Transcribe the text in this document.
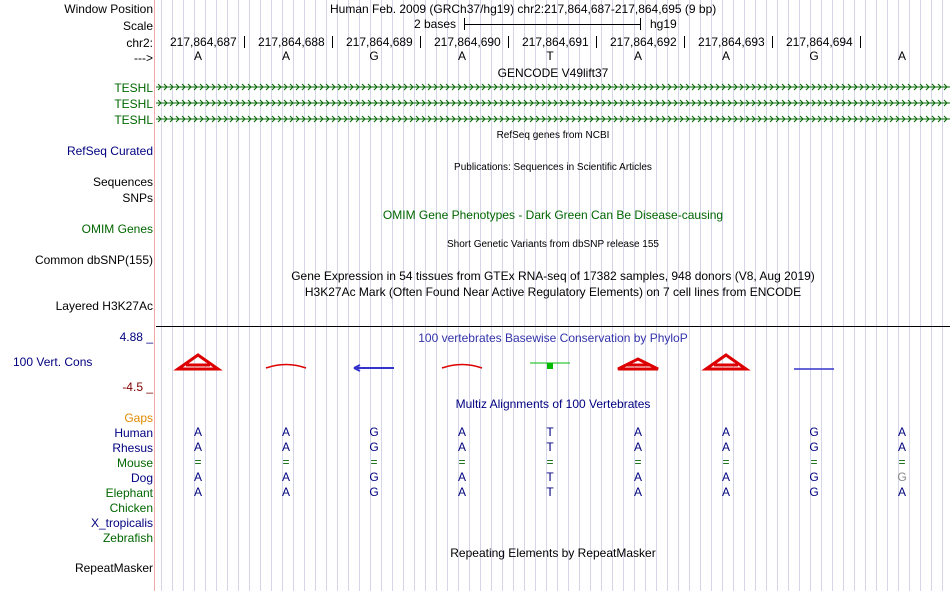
Window Position	Human Feb. 2009 (GRCh37/hg19) chr2:217,864,687-217,864,695 (9 bp)
Scale	2 bases	hg19
chr2: 217,864,687 217,864,688 217,864,689 217,864,690 217,864,691 217,864,692 217,864,693 217,864,694
--->	A	A	G	A	T	A	A	G	A
GENCODE V49lift37
TESHL
TESHL
TESHL
RefSeq genes from NCBI
RefSeq Curated
Publications: Sequences in Scientific Articles
Sequences
SNPs
OMIM Gene Phenotypes - Dark Green Can Be Disease-causing
OMIM Genes
Short Genetic Variants from dbSNP release 155
Common dbSNP(155)
Gene Expression in 54 tissues from GTEx RNA-seq of 17382 samples, 948 donors (V8, Aug 2019)
H3K27Ac Mark (Often Found Near Active Regulatory Elements) on 7 cell lines from ENCODE
Layered H3K27Ac
100 vertebrates Basewise Conservation by PhyloP
4.88 _
100 Vert. Cons
-4.5 _
Multiz Alignments of 100 Vertebrates
Gaps
Human	A	A	G	A	T	A	A	G	A
Rhesus	A	A	G	A	T	A	A	G	A
Mouse	=	=	=	=	=	=	=	=	=
Dog	A	A	G	A	T	A	A	G	G
Elephant	A	A	G	A	T	A	A	G	A
Chicken
X_tropicalis
Zebrafish
Repeating Elements by RepeatMasker
RepeatMasker
